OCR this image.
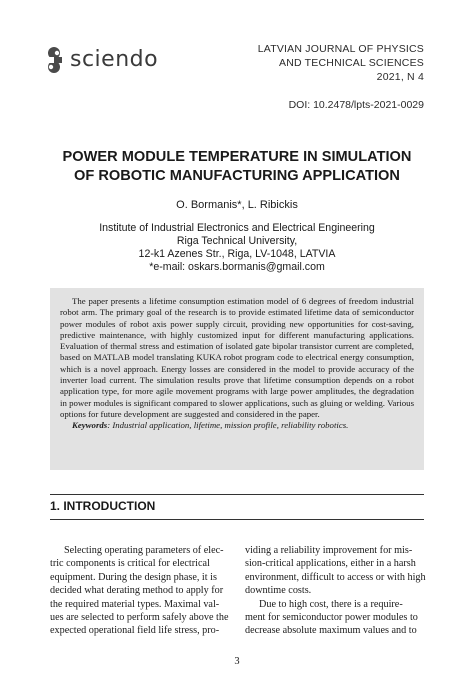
sciendo	LATVIAN JOURNAL OF PHYSICS
AND TECHNICAL SCIENCES
2021, N 4
DOI: 10.2478/lpts-2021-0029
POWER MODULE TEMPERATURE IN SIMULATION
OF ROBOTIC MANUFACTURING APPLICATION
O. Bormanis*, L. Ribickis
Institute of Industrial Electronics and Electrical Engineering
Riga Technical University,
12-k1 Azenes Str., Riga, LV-1048, LATVIA
*e-mail: oskars.bormanis@gmail.com
The paper presents a lifetime consumption estimation model of 6 degrees of freedom industrial robot arm. The primary goal of the research is to provide estimated lifetime data of semiconductor power modules of robot axis power supply circuit, providing new opportunities for cost-saving, predictive maintenance, with highly customized input for different manufacturing applications. Evaluation of thermal stress and estimation of isolated gate bipolar transistor current are completed, based on MATLAB model translating KUKA robot program code to electrical energy consumption, which is a novel approach. Energy losses are considered in the model to provide accuracy of the inverter load current. The simulation results prove that lifetime consumption depends on a robot application type, for more agile movement programs with large power amplitudes, the degradation in power modules is significant compared to slower applications, such as gluing or welding. Various options for future development are suggested and considered in the paper.
Keywords: Industrial application, lifetime, mission profile, reliability robotics.
1. INTRODUCTION
Selecting operating parameters of elec-
tric components is critical for electrical
equipment. During the design phase, it is
decided what derating method to apply for
the required material types. Maximal val-
ues are selected to perform safely above the
expected operational field life stress, pro-
viding a reliability improvement for mis-
sion-critical applications, either in a harsh
environment, difficult to access or with high
downtime costs.
Due to high cost, there is a require-
ment for semiconductor power modules to
decrease absolute maximum values and to
3
